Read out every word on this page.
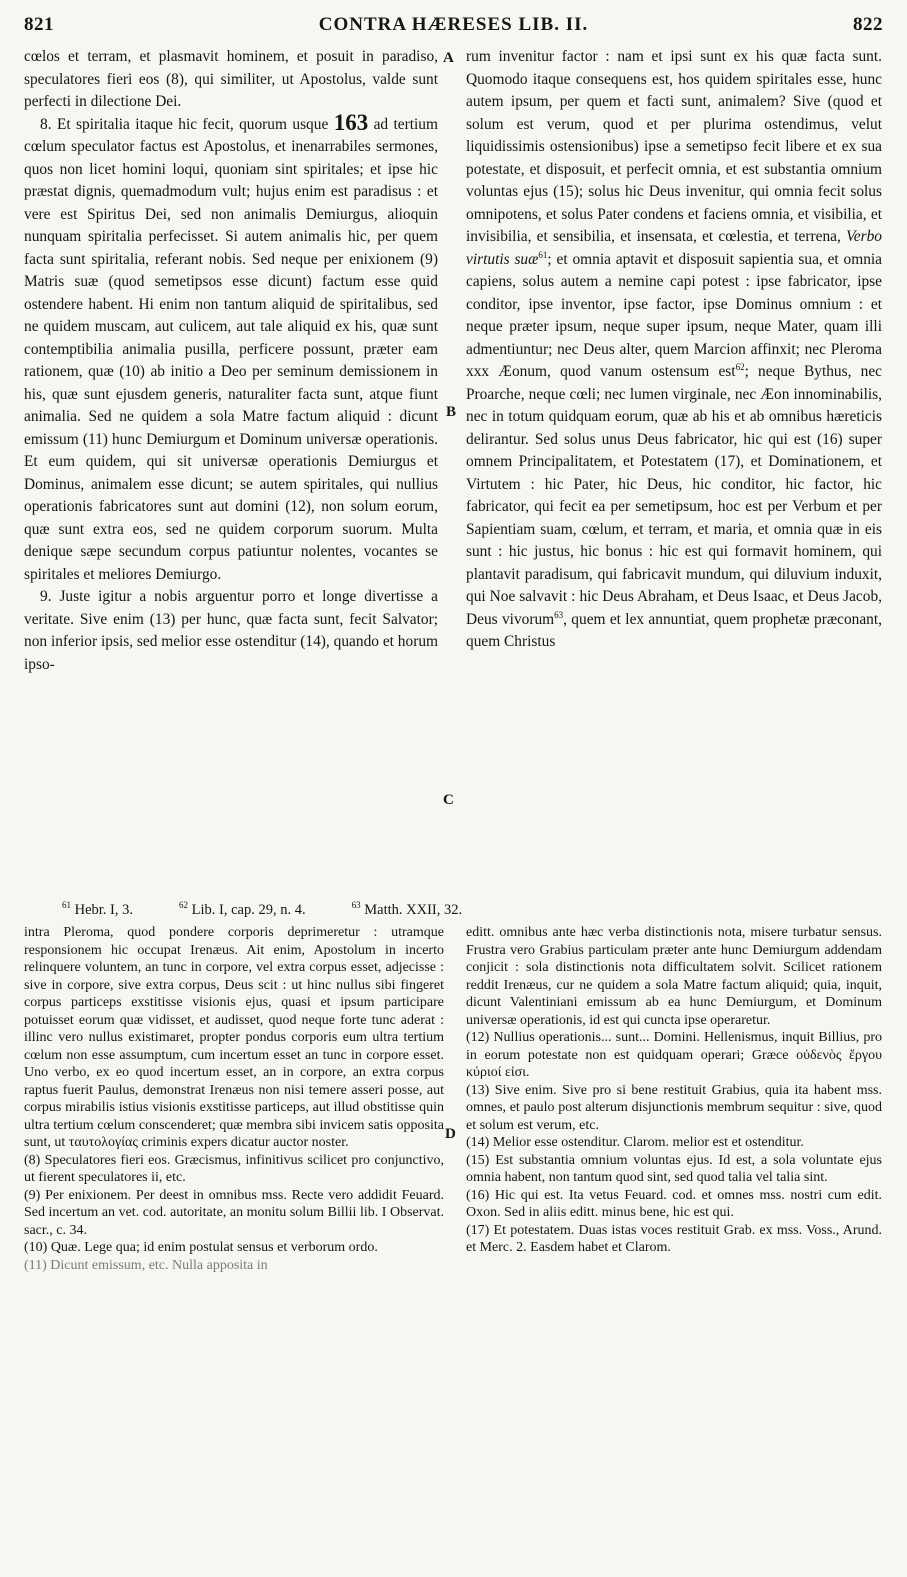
821	CONTRA HÆRESES LIB. II.	822
A
B
C
D

cœlos et terram, et plasmavit hominem, et posuit in paradiso, speculatores fieri eos (8), qui similiter, ut Apostolus, valde sunt perfecti in dilectione Dei.

8. Et spiritalia itaque hic fecit, quorum usque 163 ad tertium cœlum speculator factus est Apostolus, et inenarrabiles sermones, quos non licet homini loqui, quoniam sint spiritales; et ipse hic præstat dignis, quemadmodum vult; hujus enim est paradisus : et vere est Spiritus Dei, sed non animalis Demiurgus, alioquin nunquam spiritalia perfecisset. Si autem animalis hic, per quem facta sunt spiritalia, referant nobis. Sed neque per enixionem (9) Matris suæ (quod semetipsos esse dicunt) factum esse quid ostendere habent. Hi enim non tantum aliquid de spiritalibus, sed ne quidem muscam, aut culicem, aut tale aliquid ex his, quæ sunt contemptibilia animalia pusilla, perficere possunt, præter eam rationem, quæ (10) ab initio a Deo per seminum demissionem in his, quæ sunt ejusdem generis, naturaliter facta sunt, atque fiunt animalia. Sed ne quidem a sola Matre factum aliquid : dicunt emissum (11) hunc Demiurgum et Dominum universæ operationis. Et eum quidem, qui sit universæ operationis Demiurgus et Dominus, animalem esse dicunt; se autem spiritales, qui nullius operationis fabricatores sunt aut domini (12), non solum eorum, quæ sunt extra eos, sed ne quidem corporum suorum. Multa denique sæpe secundum corpus patiuntur nolentes, vocantes se spiritales et meliores Demiurgo.

9. Juste igitur a nobis arguentur porro et longe divertisse a veritate. Sive enim (13) per hunc, quæ facta sunt, fecit Salvator; non inferior ipsis, sed melior esse ostenditur (14), quando et horum ipso-

rum invenitur factor : nam et ipsi sunt ex his quæ facta sunt. Quomodo itaque consequens est, hos quidem spiritales esse, hunc autem ipsum, per quem et facti sunt, animalem? Sive (quod et solum est verum, quod et per plurima ostendimus, velut liquidissimis ostensionibus) ipse a semetipso fecit libere et ex sua potestate, et disposuit, et perfecit omnia, et est substantia omnium voluntas ejus (15); solus hic Deus invenitur, qui omnia fecit solus omnipotens, et solus Pater condens et faciens omnia, et visibilia, et invisibilia, et sensibilia, et insensata, et cœlestia, et terrena, Verbo virtutis suæ$^{61}$; et omnia aptavit et disposuit sapientia sua, et omnia capiens, solus autem a nemine capi potest : ipse fabricator, ipse conditor, ipse inventor, ipse factor, ipse Dominus omnium : et neque præter ipsum, neque super ipsum, neque Mater, quam illi admentiuntur; nec Deus alter, quem Marcion affinxit; nec Pleroma xxx Æonum, quod vanum ostensum est$^{62}$; neque Bythus, nec Proarche, neque cœli; nec lumen virginale, nec Æon innominabilis, nec in totum quidquam eorum, quæ ab his et ab omnibus hæreticis delirantur. Sed solus unus Deus fabricator, hic qui est (16) super omnem Principalitatem, et Potestatem (17), et Dominationem, et Virtutem : hic Pater, hic Deus, hic conditor, hic factor, hic fabricator, qui fecit ea per semetipsum, hoc est per Verbum et per Sapientiam suam, cœlum, et terram, et maria, et omnia quæ in eis sunt : hic justus, hic bonus : hic est qui formavit hominem, qui plantavit paradisum, qui fabricavit mundum, qui diluvium induxit, qui Noe salvavit : hic Deus Abraham, et Deus Isaac, et Deus Jacob, Deus vivorum$^{63}$, quem et lex annuntiat, quem prophetæ præconant, quem Christus

$^{61}$ Hebr. I, 3.	$^{62}$ Lib. I, cap. 29, n. 4.	$^{63}$ Matth. XXII, 32.

intra Pleroma, quod pondere corporis deprimeretur : utramque responsionem hic occupat Irenæus. Ait enim, Apostolum in incerto relinquere voluntem, an tunc in corpore, vel extra corpus esset, adjecisse : sive in corpore, sive extra corpus, Deus scit : ut hinc nullus sibi fingeret corpus particeps exstitisse visionis ejus, quasi et ipsum participare potuisset eorum quæ vidisset, et audisset, quod neque forte tunc aderat : illinc vero nullus existimaret, propter pondus corporis eum ultra tertium cœlum non esse assumptum, cum incertum esset an tunc in corpore esset. Uno verbo, ex eo quod incertum esset, an in corpore, an extra corpus raptus fuerit Paulus, demonstrat Irenæus non nisi temere asseri posse, aut corpus mirabilis istius visionis exstitisse particeps, aut illud obstitisse quin ultra tertium cœlum conscenderet; quæ membra sibi invicem satis opposita sunt, ut ταυτολογίας criminis expers dicatur auctor noster.

(8) Speculatores fieri eos. Græcismus, infinitivus scilicet pro conjunctivo, ut fierent speculatores ii, etc.

(9) Per enixionem. Per deest in omnibus mss. Recte vero addidit Feuard. Sed incertum an vet. cod. autoritate, an monitu solum Billii lib. I Observat. sacr., c. 34.

(10) Quæ. Lege qua; id enim postulat sensus et verborum ordo.

(11) Dicunt emissum, etc. Nulla apposita in

editt. omnibus ante hæc verba distinctionis nota, misere turbatur sensus. Frustra vero Grabius particulam præter ante hunc Demiurgum addendam conjicit : sola distinctionis nota difficultatem solvit. Scilicet rationem reddit Irenæus, cur ne quidem a sola Matre factum aliquid; quia, inquit, dicunt Valentiniani emissum ab ea hunc Demiurgum, et Dominum universæ operationis, id est qui cuncta ipse operaretur.

(12) Nullius operationis... sunt... Domini. Hellenismus, inquit Billius, pro in eorum potestate non est quidquam operari; Græce οὐδενὸς ἔργου κύριοί εἰσι.

(13) Sive enim. Sive pro si bene restituit Grabius, quia ita habent mss. omnes, et paulo post alterum disjunctionis membrum sequitur : sive, quod et solum est verum, etc.

(14) Melior esse ostenditur. Clarom. melior est et ostenditur.

(15) Est substantia omnium voluntas ejus. Id est, a sola voluntate ejus omnia habent, non tantum quod sint, sed quod talia vel talia sint.

(16) Hic qui est. Ita vetus Feuard. cod. et omnes mss. nostri cum edit. Oxon. Sed in aliis editt. minus bene, hic est qui.

(17) Et potestatem. Duas istas voces restituit Grab. ex mss. Voss., Arund. et Merc. 2. Easdem habet et Clarom.
